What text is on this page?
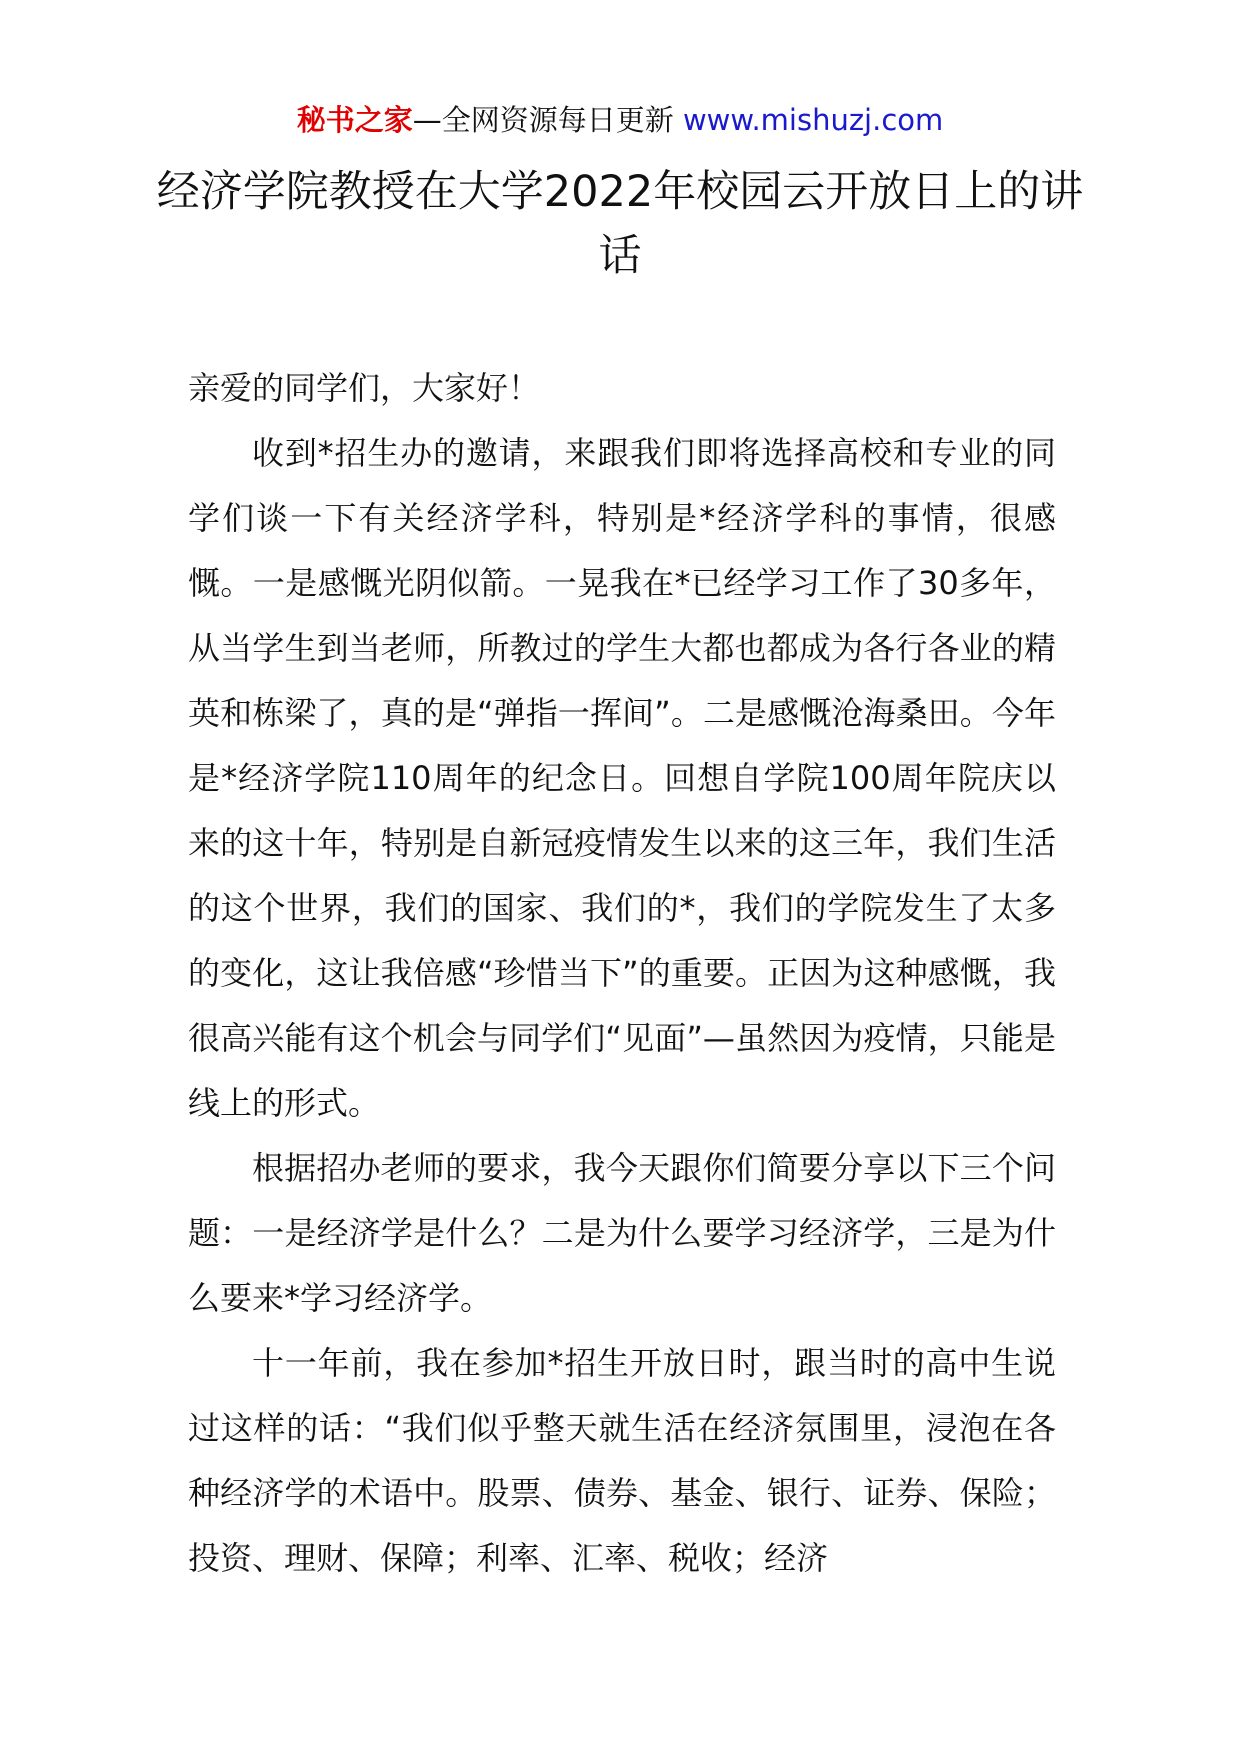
秘书之家—全网资源每日更新 www.mishuzj.com
经济学院教授在大学2022年校园云开放日上的讲话

亲爱的同学们，大家好！

收到*招生办的邀请，来跟我们即将选择高校和专业的同学们谈一下有关经济学科，特别是*经济学科的事情，很感慨。一是感慨光阴似箭。一晃我在*已经学习工作了30多年，从当学生到当老师，所教过的学生大都也都成为各行各业的精英和栋梁了，真的是“弹指一挥间”。二是感慨沧海桑田。今年是*经济学院110周年的纪念日。回想自学院100周年院庆以来的这十年，特别是自新冠疫情发生以来的这三年，我们生活的这个世界，我们的国家、我们的*，我们的学院发生了太多的变化，这让我倍感“珍惜当下”的重要。正因为这种感慨，我很高兴能有这个机会与同学们“见面”—虽然因为疫情，只能是线上的形式。

根据招办老师的要求，我今天跟你们简要分享以下三个问题：一是经济学是什么？二是为什么要学习经济学，三是为什么要来*学习经济学。

十一年前，我在参加*招生开放日时，跟当时的高中生说过这样的话：“我们似乎整天就生活在经济氛围里，浸泡在各种经济学的术语中。股票、债券、基金、银行、证券、保险；投资、理财、保障；利率、汇率、税收；经济
